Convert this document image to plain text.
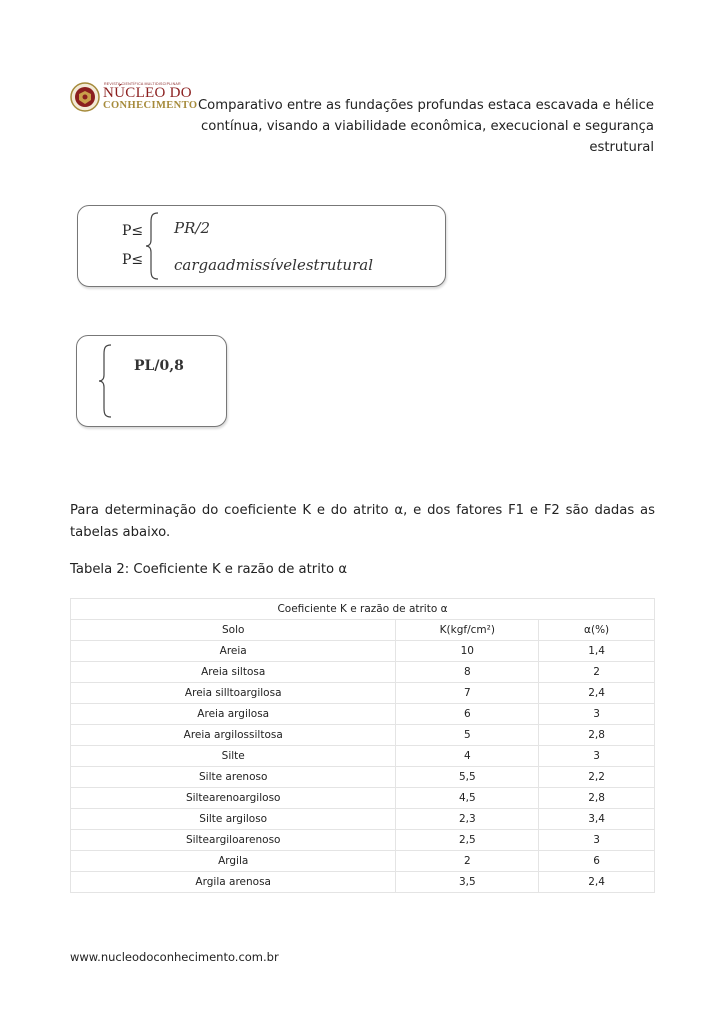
REVISTA CIENTÍFICA MULTIDISCIPLINAR
NÚCLEO DO
CONHECIMENTO Comparativo entre as fundações profundas estaca escavada e hélice contínua, visando a viabilidade econômica, execucional e segurança estrutural
P≤
P≤
PR/2
cargaadmissívelestrutural
PL/0,8
Para determinação do coeficiente K e do atrito α, e dos fatores F1 e F2 são dadas as tabelas abaixo.
Tabela 2: Coeficiente K e razão de atrito α
Coeficiente K e razão de atrito α		
Solo	K(kgf/cm²)	α(%)
Areia	10	1,4
Areia siltosa	8	2
Areia silltoargilosa	7	2,4
Areia argilosa	6	3
Areia argilossiltosa	5	2,8
Silte	4	3
Silte arenoso	5,5	2,2
Siltearenoargiloso	4,5	2,8
Silte argiloso	2,3	3,4
Silteargiloarenoso	2,5	3
Argila	2	6
Argila arenosa	3,5	2,4
www.nucleodoconhecimento.com.br
